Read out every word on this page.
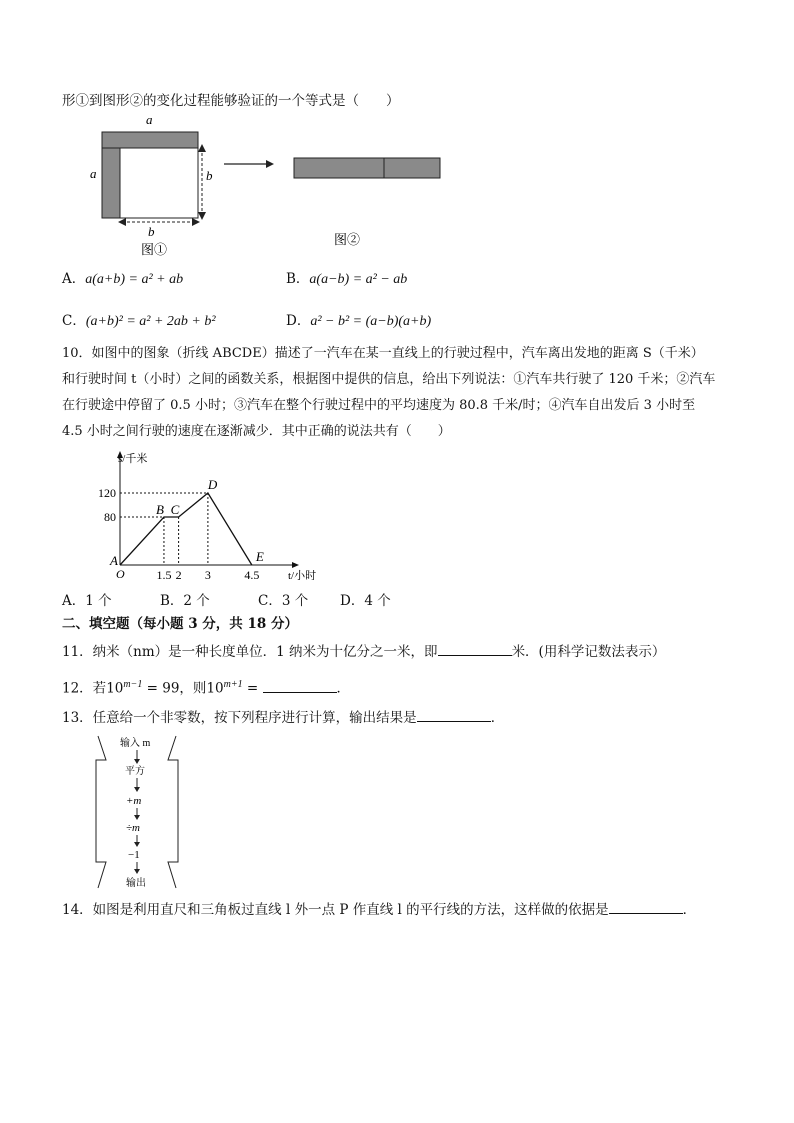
形①到图形②的变化过程能够验证的一个等式是（　　）
a
a	b
b
图①
图②
A．a(a+b) = a² + ab	B．a(a−b) = a² − ab
C．(a+b)² = a² + 2ab + b²	D．a² − b² = (a−b)(a+b)
10．如图中的图象（折线 ABCDE）描述了一汽车在某一直线上的行驶过程中，汽车离出发地的距离 S（千米）
和行驶时间 t（小时）之间的函数关系，根据图中提供的信息，给出下列说法：①汽车共行驶了 120 千米；②汽车
在行驶途中停留了 0.5 小时；③汽车在整个行驶过程中的平均速度为 80.8 千米/时；④汽车自出发后 3 小时至
4.5 小时之间行驶的速度在逐渐减少．其中正确的说法共有（　　）
s/千米
t/小时
O
80
120
1.5 2 3	4.5
A
B C
D
E
A．1 个	B．2 个	C．3 个 D．4 个
二、填空题（每小题 3 分，共 18 分）
11．纳米（nm）是一种长度单位．1 纳米为十亿分之一米，即	米．(用科学记数法表示）
12．若$10^{m-1} = 99$，则$10^{m+1}$ =	．
13．任意给一个非零数，按下列程序进行计算，输出结果是	．
输入 m
平方
+m
÷m
−1
输出
14．如图是利用直尺和三角板过直线 l 外一点 P 作直线 l 的平行线的方法，这样做的依据是	．
